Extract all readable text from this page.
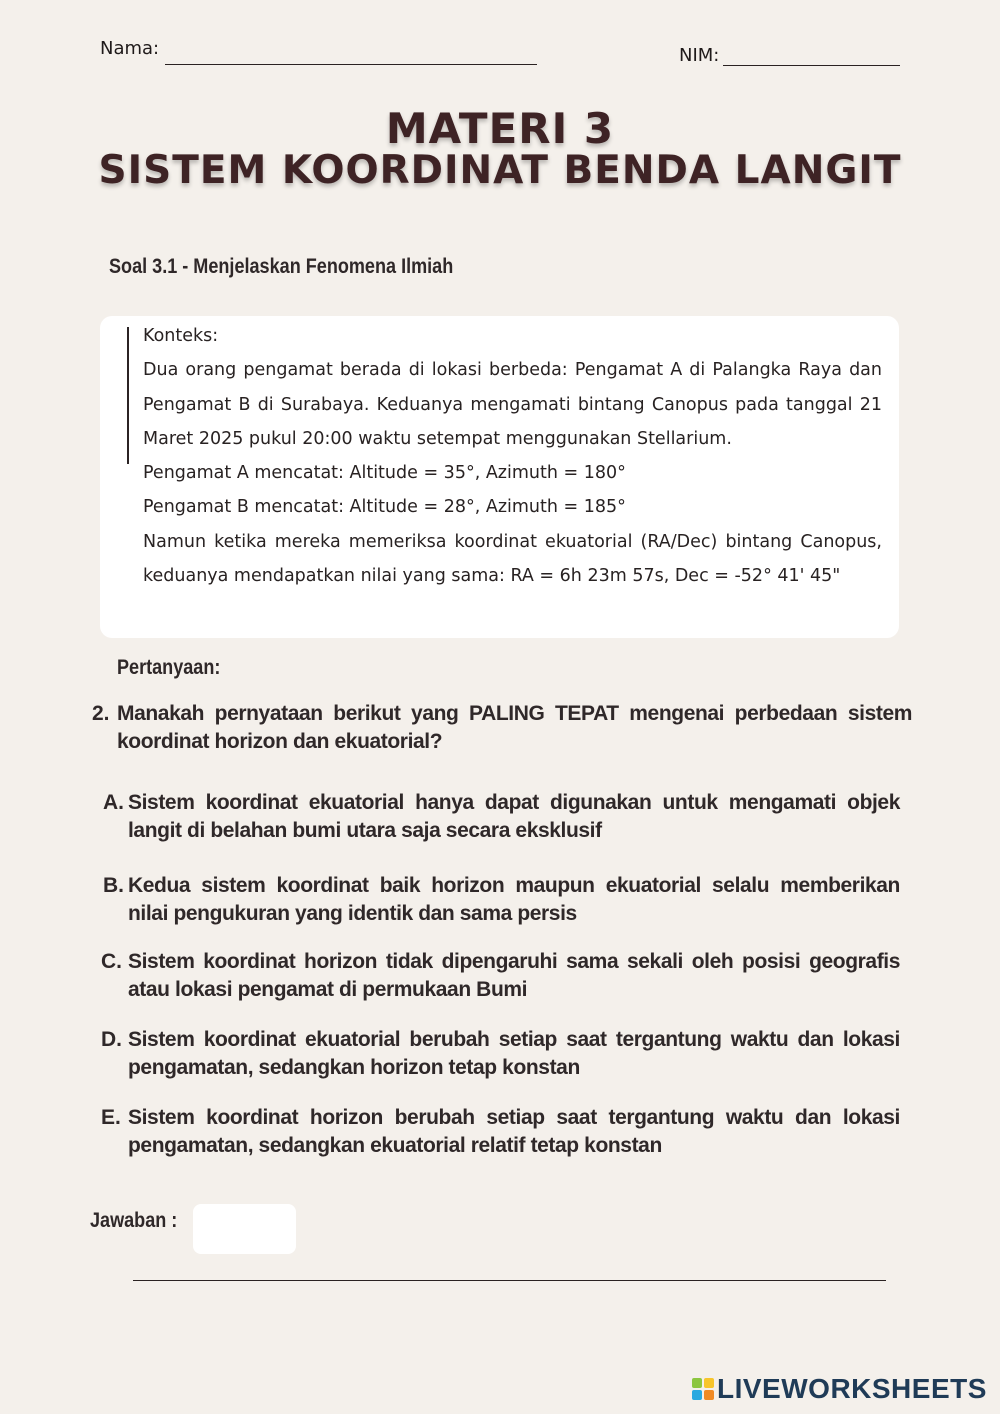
Nama:	NIM:
MATERI 3
SISTEM KOORDINAT BENDA LANGIT
Soal 3.1 - Menjelaskan Fenomena Ilmiah

Konteks:

Dua orang pengamat berada di lokasi berbeda: Pengamat A di Palangka Raya dan Pengamat B di Surabaya. Keduanya mengamati bintang Canopus pada tanggal 21 Maret 2025 pukul 20:00 waktu setempat menggunakan Stellarium.

Pengamat A mencatat: Altitude = 35°, Azimuth = 180°

Pengamat B mencatat: Altitude = 28°, Azimuth = 185°

Namun ketika mereka memeriksa koordinat ekuatorial (RA/Dec) bintang Canopus, keduanya mendapatkan nilai yang sama: RA = 6h 23m 57s, Dec = -52° 41' 45"

Pertanyaan:
2. Manakah pernyataan berikut yang PALING TEPAT mengenai perbedaan sistem koordinat horizon dan ekuatorial?
A. Sistem koordinat ekuatorial hanya dapat digunakan untuk mengamati objek langit di belahan bumi utara saja secara eksklusif
B. Kedua sistem koordinat baik horizon maupun ekuatorial selalu memberikan nilai pengukuran yang identik dan sama persis
C. Sistem koordinat horizon tidak dipengaruhi sama sekali oleh posisi geografis atau lokasi pengamat di permukaan Bumi
D. Sistem koordinat ekuatorial berubah setiap saat tergantung waktu dan lokasi pengamatan, sedangkan horizon tetap konstan
E. Sistem koordinat horizon berubah setiap saat tergantung waktu dan lokasi pengamatan, sedangkan ekuatorial relatif tetap konstan
Jawaban :
LIVEWORKSHEETS
